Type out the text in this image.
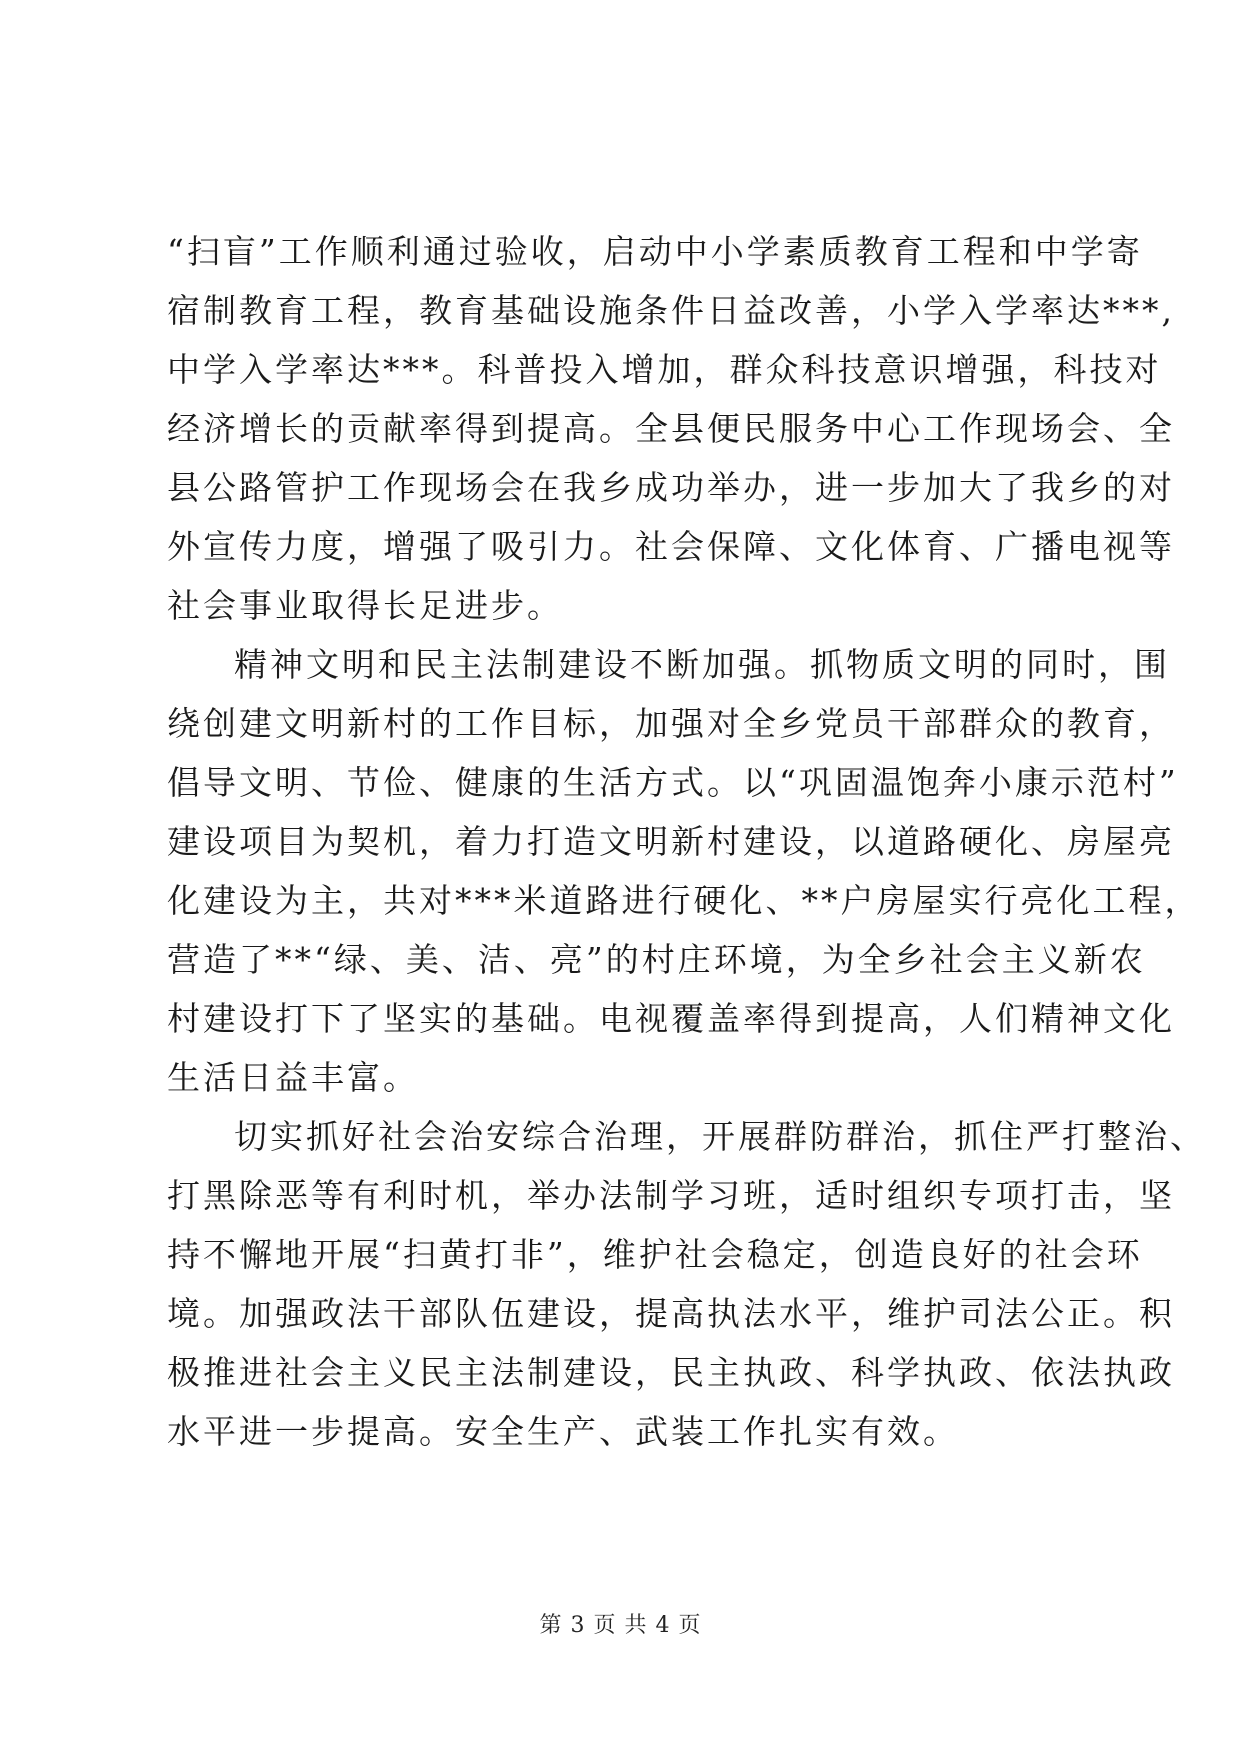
“扫盲”工作顺利通过验收，启动中小学素质教育工程和中学寄
宿制教育工程，教育基础设施条件日益改善，小学入学率达***,
中学入学率达***。科普投入增加，群众科技意识增强，科技对
经济增长的贡献率得到提高。全县便民服务中心工作现场会、全
县公路管护工作现场会在我乡成功举办，进一步加大了我乡的对
外宣传力度，增强了吸引力。社会保障、文化体育、广播电视等
社会事业取得长足进步。

精神文明和民主法制建设不断加强。抓物质文明的同时，围
绕创建文明新村的工作目标，加强对全乡党员干部群众的教育，
倡导文明、节俭、健康的生活方式。以“巩固温饱奔小康示范村”
建设项目为契机，着力打造文明新村建设，以道路硬化、房屋亮
化建设为主，共对***米道路进行硬化、**户房屋实行亮化工程，
营造了**“绿、美、洁、亮”的村庄环境，为全乡社会主义新农
村建设打下了坚实的基础。电视覆盖率得到提高，人们精神文化
生活日益丰富。

切实抓好社会治安综合治理，开展群防群治，抓住严打整治、
打黑除恶等有利时机，举办法制学习班，适时组织专项打击，坚
持不懈地开展“扫黄打非”，维护社会稳定，创造良好的社会环
境。加强政法干部队伍建设，提高执法水平，维护司法公正。积
极推进社会主义民主法制建设，民主执政、科学执政、依法执政
水平进一步提高。安全生产、武装工作扎实有效。

第 3 页 共 4 页
